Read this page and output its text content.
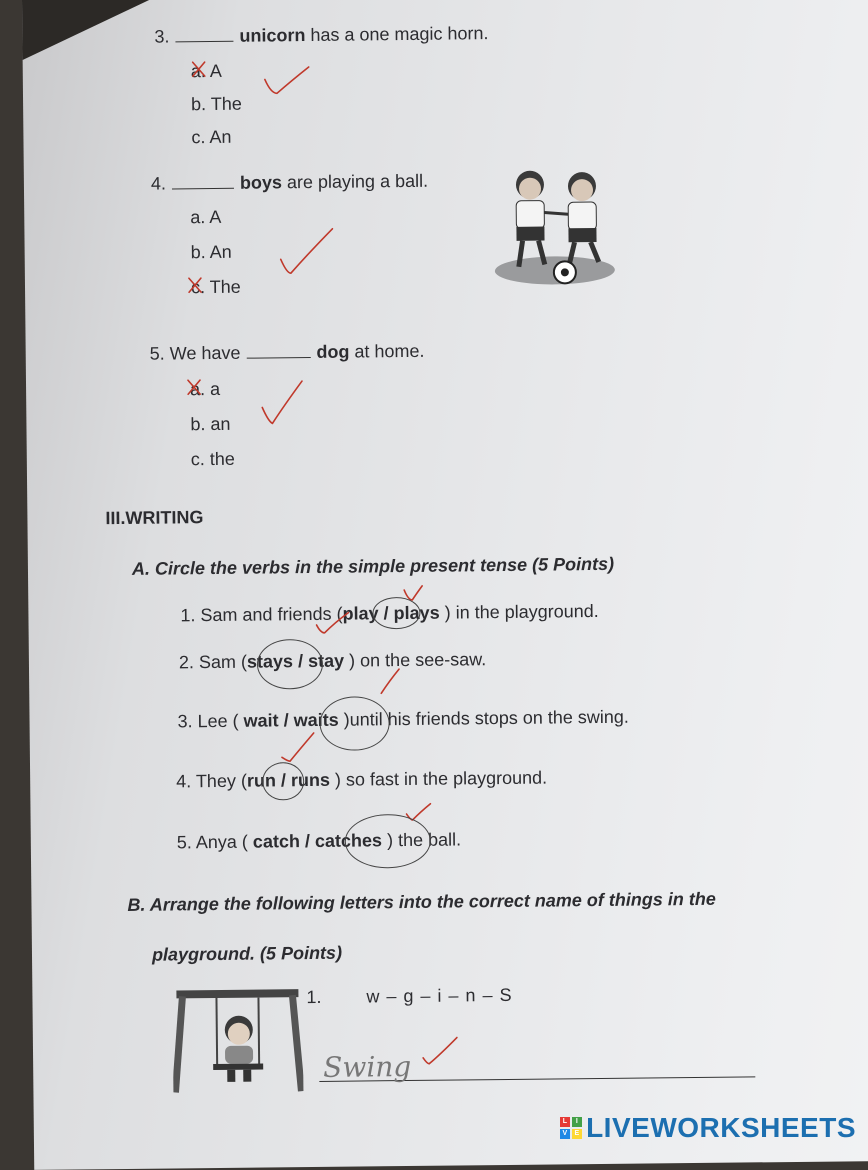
3.	unicorn has a one magic horn.
a. A
b. The
c. An
4.	boys are playing a ball.
a. A
b. An
c. The
5. We have	dog at home.
a. a
b. an
c. the
III.WRITING
A. Circle the verbs in the simple present tense (5 Points)
1. Sam and friends (play / plays ) in the playground.
2. Sam (stays / stay ) on the see-saw.
3. Lee ( wait / waits )until his friends stops on the swing.
4. They (run / runs ) so fast in the playground.
5. Anya ( catch / catches ) the ball.
B. Arrange the following letters into the correct name of things in the
playground. (5 Points)
1. w – g – i – n – S
Swing
L	I
V E LIVEWORKSHEETS
